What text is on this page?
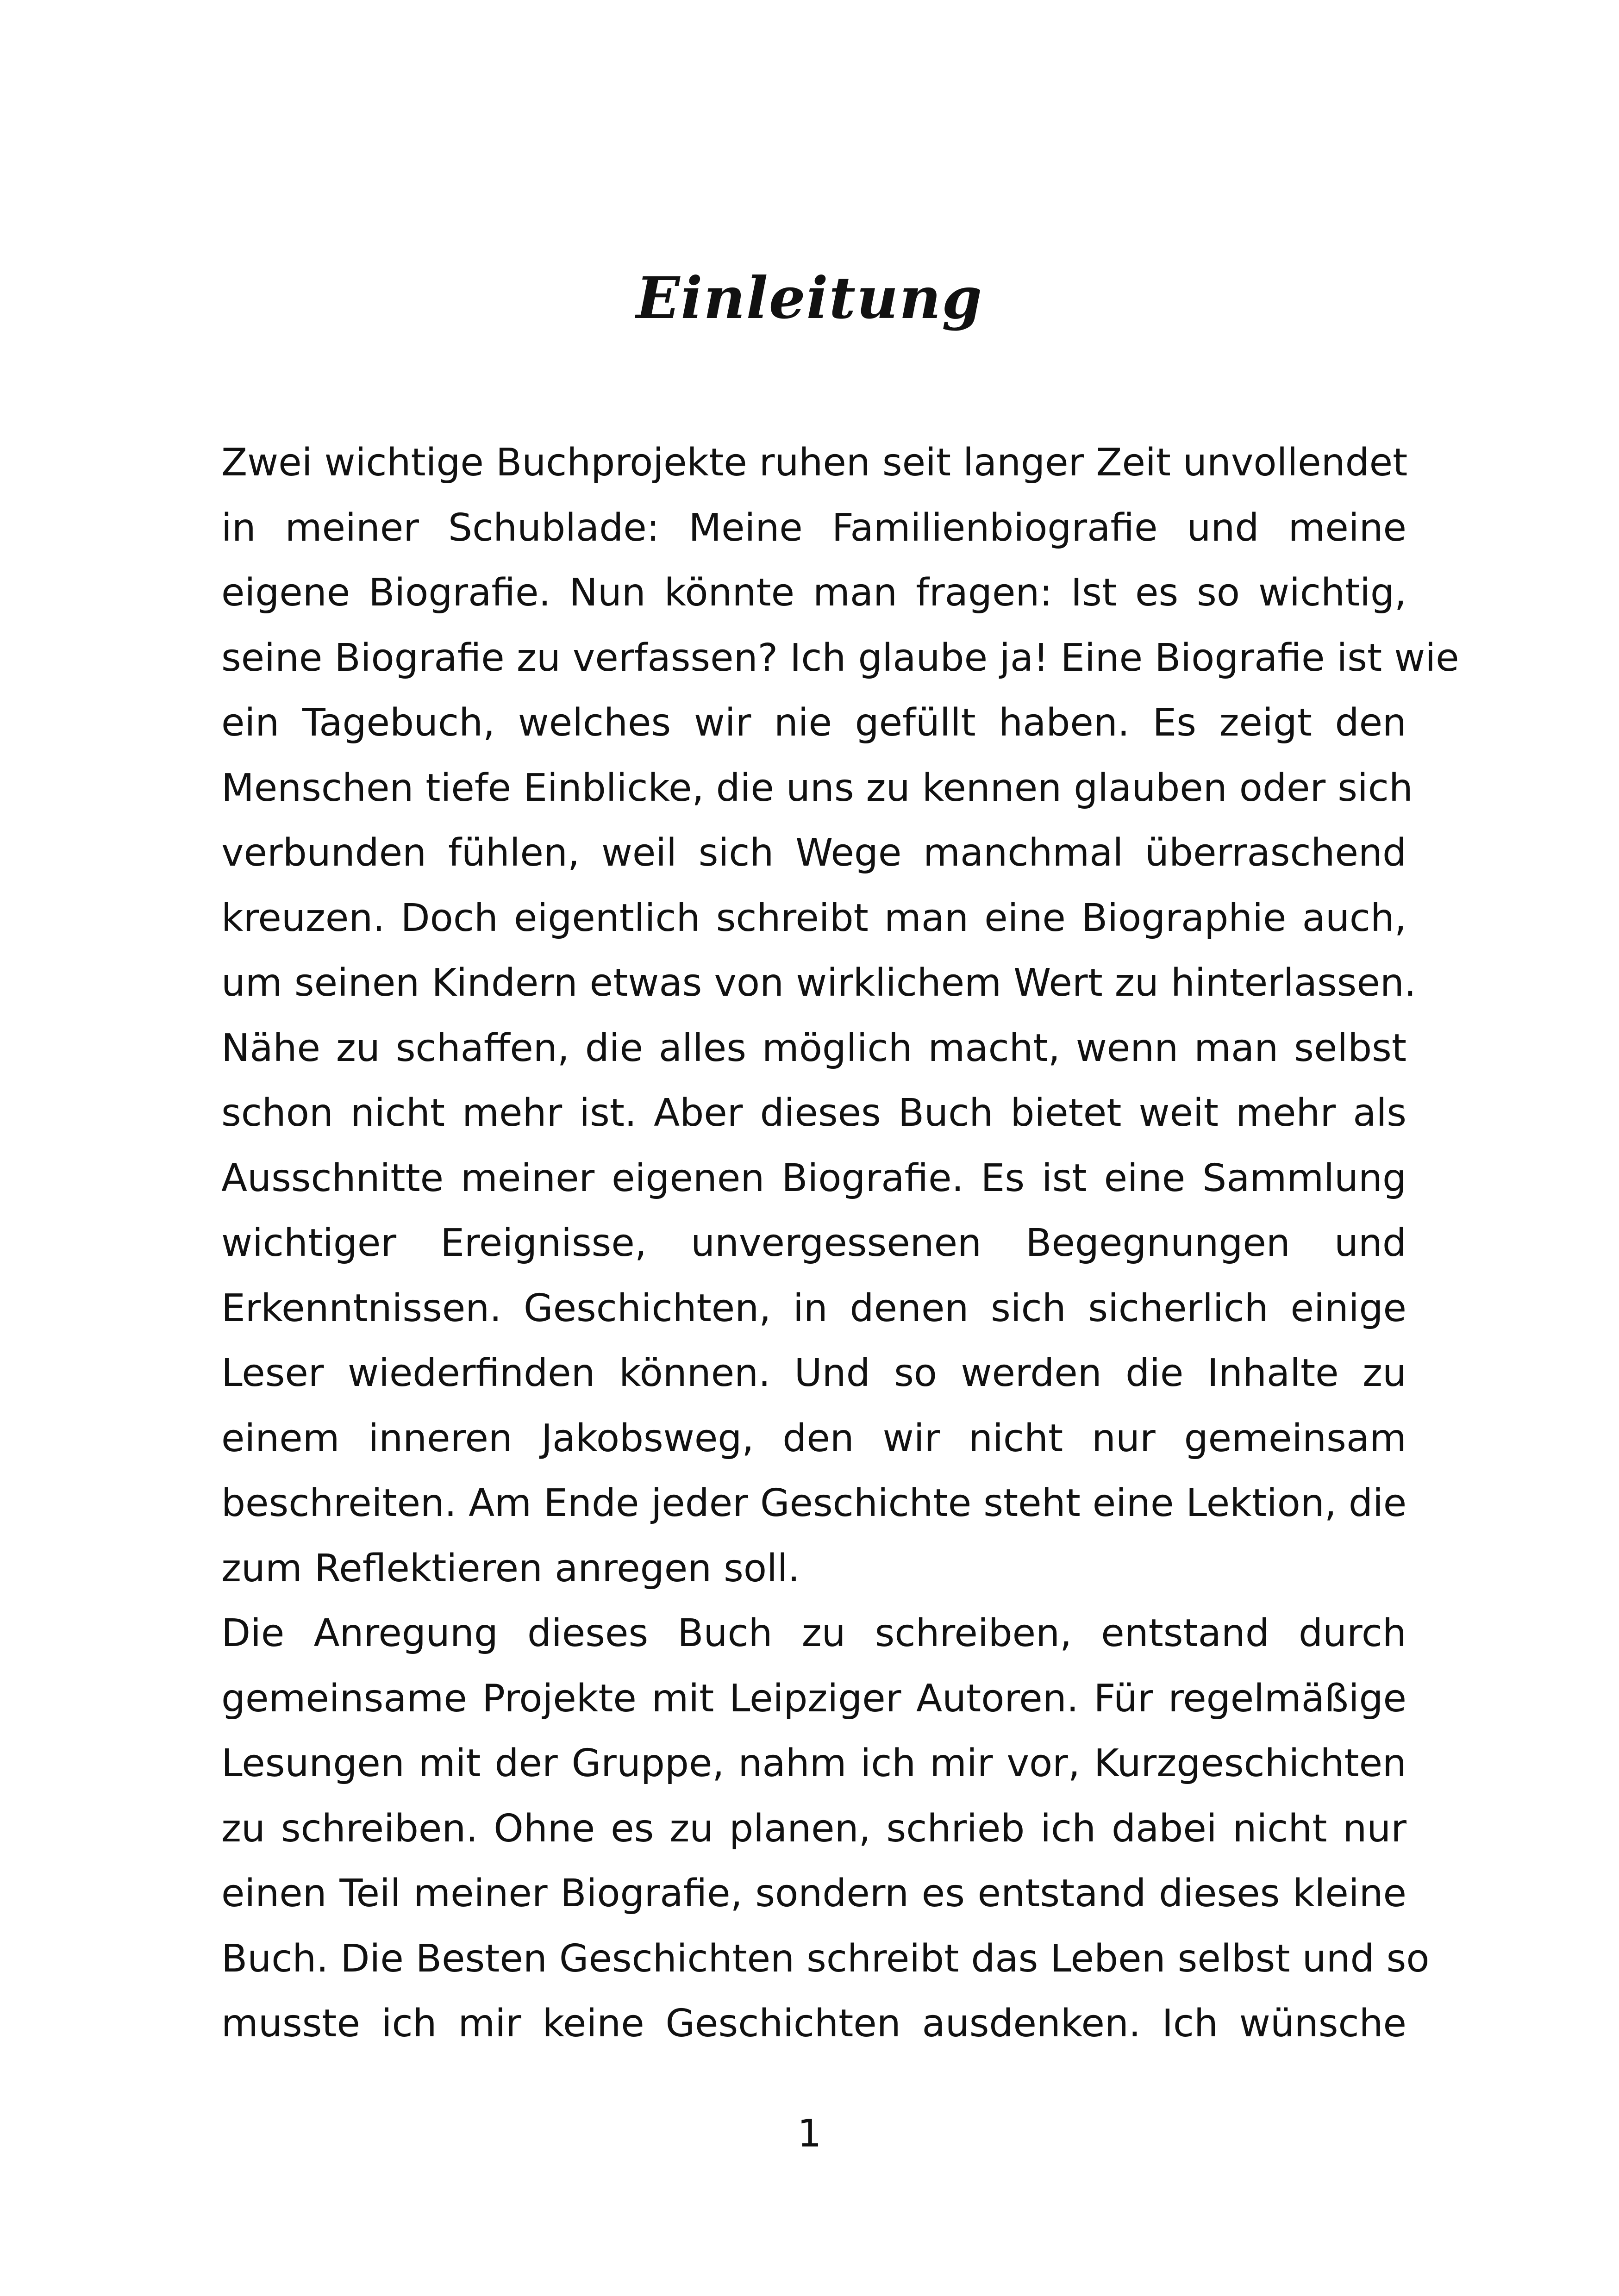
Einleitung
Zwei wichtige Buchprojekte ruhen seit langer Zeit unvollendet
in meiner Schublade: Meine Familienbiografie und meine
eigene Biografie. Nun könnte man fragen: Ist es so wichtig,
seine Biografie zu verfassen? Ich glaube ja! Eine Biografie ist wie
ein Tagebuch, welches wir nie gefüllt haben. Es zeigt den
Menschen tiefe Einblicke, die uns zu kennen glauben oder sich
verbunden fühlen, weil sich Wege manchmal überraschend
kreuzen. Doch eigentlich schreibt man eine Biographie auch,
um seinen Kindern etwas von wirklichem Wert zu hinterlassen.
Nähe zu schaffen, die alles möglich macht, wenn man selbst
schon nicht mehr ist. Aber dieses Buch bietet weit mehr als
Ausschnitte meiner eigenen Biografie. Es ist eine Sammlung
wichtiger Ereignisse, unvergessenen Begegnungen und
Erkenntnissen. Geschichten, in denen sich sicherlich einige
Leser wiederfinden können. Und so werden die Inhalte zu
einem inneren Jakobsweg, den wir nicht nur gemeinsam
beschreiten. Am Ende jeder Geschichte steht eine Lektion, die
zum Reflektieren anregen soll.
Die Anregung dieses Buch zu schreiben, entstand durch
gemeinsame Projekte mit Leipziger Autoren. Für regelmäßige
Lesungen mit der Gruppe, nahm ich mir vor, Kurzgeschichten
zu schreiben. Ohne es zu planen, schrieb ich dabei nicht nur
einen Teil meiner Biografie, sondern es entstand dieses kleine
Buch. Die Besten Geschichten schreibt das Leben selbst und so
musste ich mir keine Geschichten ausdenken. Ich wünsche
1
